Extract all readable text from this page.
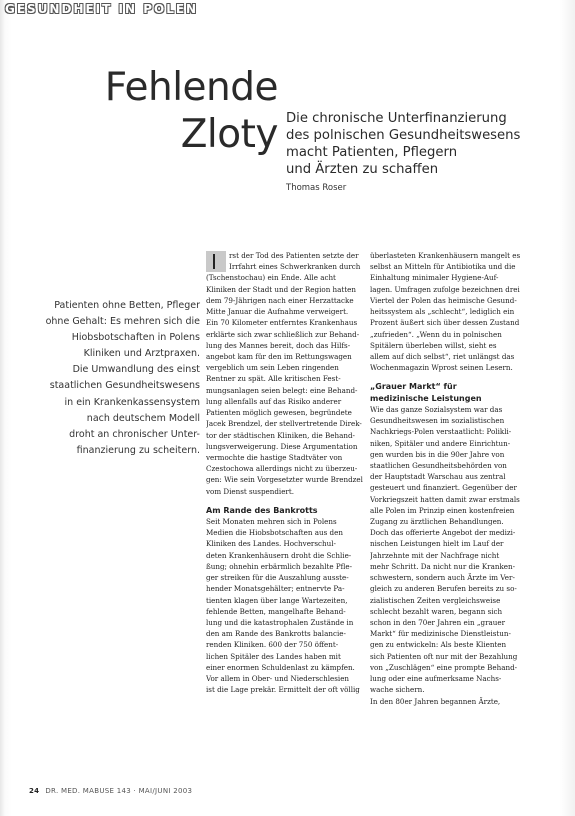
GESUNDHEIT IN POLEN
Fehlende
Zloty Die chronische Unterfinanzierung
des polnischen Gesundheitswesens
macht Patienten, Pflegern
und Ärzten zu schaffen
Thomas Roser
Patienten ohne Betten, Pfleger
ohne Gehalt: Es mehren sich die
Hiobsbotschaften in Polens
Kliniken und Arztpraxen.
Die Umwandlung des einst
staatlichen Gesundheitswesens
in ein Krankenkassensystem
nach deutschem Modell
droht an chronischer Unter-
finanzierung zu scheitern.
rst der Tod des Patienten setzte der
Irrfahrt eines Schwerkranken durch
(Tschenstochau) ein Ende. Alle acht
Kliniken der Stadt und der Region hatten
dem 79-Jährigen nach einer Herzattacke
Mitte Januar die Aufnahme verweigert.
Ein 70 Kilometer entferntes Krankenhaus
erklärte sich zwar schließlich zur Behand-
lung des Mannes bereit, doch das Hilfs-
angebot kam für den im Rettungswagen
vergeblich um sein Leben ringenden
Rentner zu spät. Alle kritischen Fest-
mungsanlagen seien belegt: eine Behand-
lung allenfalls auf das Risiko anderer
Patienten möglich gewesen, begründete
Jacek Brendzel, der stellvertretende Direk-
tor der städtischen Kliniken, die Behand-
lungsverweigerung. Diese Argumentation
vermochte die hastige Stadtväter von
Czestochowa allerdings nicht zu überzeu-
gen: Wie sein Vorgesetzter wurde Brendzel
vom Dienst suspendiert.
Am Rande des Bankrotts
Seit Monaten mehren sich in Polens
Medien die Hiobsbotschaften aus den
Kliniken des Landes. Hochverschul-
deten Krankenhäusern droht die Schlie-
ßung; ohnehin erbärmlich bezahlte Pfle-
ger streiken für die Auszahlung ausste-
hender Monatsgehälter; entnervte Pa-
tienten klagen über lange Wartezeiten,
fehlende Betten, mangelhafte Behand-
lung und die katastrophalen Zustände in
den am Rande des Bankrotts balancie-
renden Kliniken. 600 der 750 öffent-
lichen Spitäler des Landes haben mit
einer enormen Schuldenlast zu kämpfen.
Vor allem in Ober- und Niederschlesien
ist die Lage prekär. Ermittelt der oft völlig
überlasteten Krankenhäusern mangelt es
selbst an Mitteln für Antibiotika und die
Einhaltung minimaler Hygiene-Auf-
lagen. Umfragen zufolge bezeichnen drei
Viertel der Polen das heimische Gesund-
heitssystem als „schlecht“, lediglich ein
Prozent äußert sich über dessen Zustand
„zufrieden“. „Wenn du in polnischen
Spitälern überleben willst, sieht es
allem auf dich selbst“, riet unlängst das
Wochenmagazin Wprost seinen Lesern.
„Grauer Markt“ für
medizinische Leistungen
Wie das ganze Sozialsystem war das
Gesundheitswesen im sozialistischen
Nachkriegs-Polen verstaatlicht: Polikli-
niken, Spitäler und andere Einrichtun-
gen wurden bis in die 90er Jahre von
staatlichen Gesundheitsbehörden von
der Hauptstadt Warschau aus zentral
gesteuert und finanziert. Gegenüber der
Vorkriegszeit hatten damit zwar erstmals
alle Polen im Prinzip einen kostenfreien
Zugang zu ärztlichen Behandlungen.
Doch das offerierte Angebot der medizi-
nischen Leistungen hielt im Lauf der
Jahrzehnte mit der Nachfrage nicht
mehr Schritt. Da nicht nur die Kranken-
schwestern, sondern auch Ärzte im Ver-
gleich zu anderen Berufen bereits zu so-
zialistischen Zeiten vergleichsweise
schlecht bezahlt waren, begann sich
schon in den 70er Jahren ein „grauer
Markt“ für medizinische Dienstleistun-
gen zu entwickeln: Als beste Klienten
sich Patienten oft nur mit der Bezahlung
von „Zuschlägen“ eine prompte Behand-
lung oder eine aufmerksame Nachs-
wache sichern.
In den 80er Jahren begannen Ärzte,
24 DR. MED. MABUSE 143 · MAI/JUNI 2003
